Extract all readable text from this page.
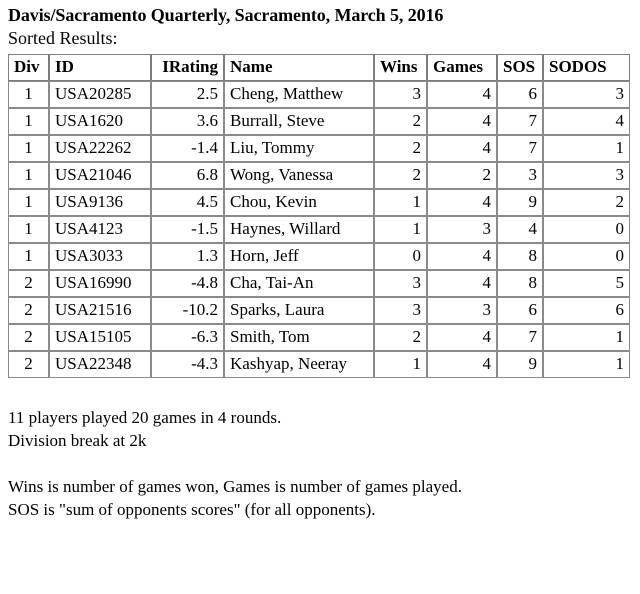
Davis/Sacramento Quarterly, Sacramento, March 5, 2016
Sorted Results:
Div	ID	IRating	Name	Wins	Games	SOS	SODOS
1	USA20285	2.5	Cheng, Matthew	3	4	6	3
1	USA1620	3.6	Burrall, Steve	2	4	7	4
1	USA22262	-1.4	Liu, Tommy	2	4	7	1
1	USA21046	6.8	Wong, Vanessa	2	2	3	3
1	USA9136	4.5	Chou, Kevin	1	4	9	2
1	USA4123	-1.5	Haynes, Willard	1	3	4	0
1	USA3033	1.3	Horn, Jeff	0	4	8	0
2	USA16990	-4.8	Cha, Tai-An	3	4	8	5
2	USA21516	-10.2	Sparks, Laura	3	3	6	6
2	USA15105	-6.3	Smith, Tom	2	4	7	1
2	USA22348	-4.3	Kashyap, Neeray	1	4	9	1
11 players played 20 games in 4 rounds.
Division break at 2k
Wins is number of games won, Games is number of games played.
SOS is "sum of opponents scores" (for all opponents).
